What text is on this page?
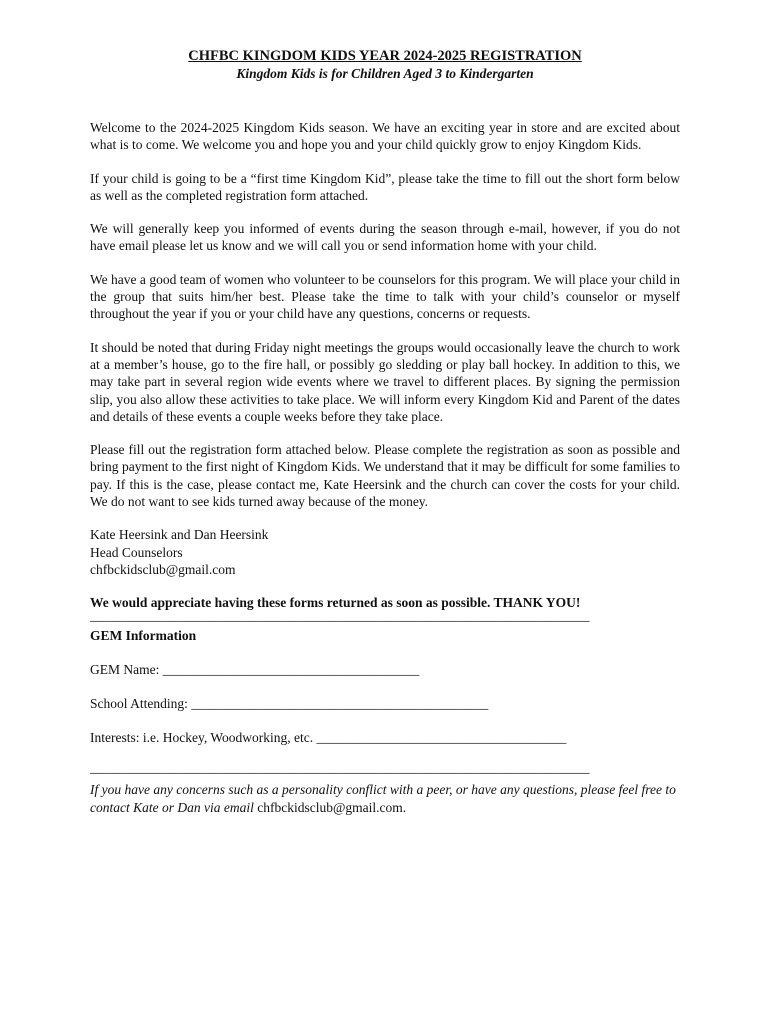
CHFBC KINGDOM KIDS YEAR 2024-2025 REGISTRATION
Kingdom Kids is for Children Aged 3 to Kindergarten

Welcome to the 2024-2025 Kingdom Kids season. We have an exciting year in store and are excited about what is to come. We welcome you and hope you and your child quickly grow to enjoy Kingdom Kids.

If your child is going to be a “first time Kingdom Kid”, please take the time to fill out the short form below as well as the completed registration form attached.

We will generally keep you informed of events during the season through e-mail, however, if you do not have email please let us know and we will call you or send information home with your child.

We have a good team of women who volunteer to be counselors for this program. We will place your child in the group that suits him/her best. Please take the time to talk with your child’s counselor or myself throughout the year if you or your child have any questions, concerns or requests.

It should be noted that during Friday night meetings the groups would occasionally leave the church to work at a member’s house, go to the fire hall, or possibly go sledding or play ball hockey. In addition to this, we may take part in several region wide events where we travel to different places. By signing the permission slip, you also allow these activities to take place. We will inform every Kingdom Kid and Parent of the dates and details of these events a couple weeks before they take place.

Please fill out the registration form attached below. Please complete the registration as soon as possible and bring payment to the first night of Kingdom Kids. We understand that it may be difficult for some families to pay. If this is the case, please contact me, Kate Heersink and the church can cover the costs for your child. We do not want to see kids turned away because of the money.

Kate Heersink and Dan Heersink
Head Counselors
chfbckidsclub@gmail.com
We would appreciate having these forms returned as soon as possible. THANK YOU!
__________________________________________________________________________
GEM Information
GEM Name: ______________________________________
School Attending: ____________________________________________
Interests: i.e. Hockey, Woodworking, etc. _____________________________________
__________________________________________________________________________
If you have any concerns such as a personality conflict with a peer, or have any questions, please feel free to contact Kate or Dan via email chfbckidsclub@gmail.com.
